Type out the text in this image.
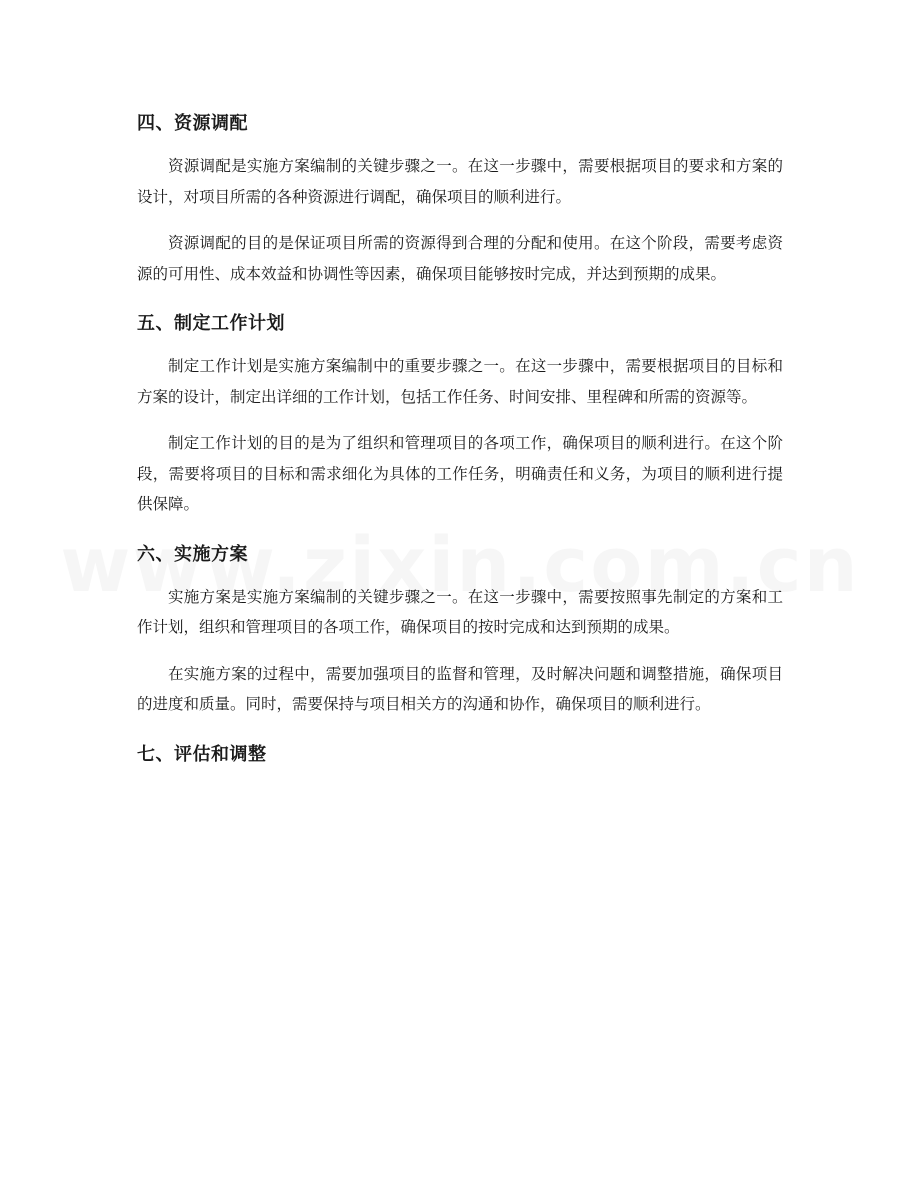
四、资源调配

资源调配是实施方案编制的关键步骤之一。在这一步骤中，需要根据项目的要求和方案的设计，对项目所需的各种资源进行调配，确保项目的顺利进行。

资源调配的目的是保证项目所需的资源得到合理的分配和使用。在这个阶段，需要考虑资源的可用性、成本效益和协调性等因素，确保项目能够按时完成，并达到预期的成果。

五、制定工作计划

制定工作计划是实施方案编制中的重要步骤之一。在这一步骤中，需要根据项目的目标和方案的设计，制定出详细的工作计划，包括工作任务、时间安排、里程碑和所需的资源等。

制定工作计划的目的是为了组织和管理项目的各项工作，确保项目的顺利进行。在这个阶段，需要将项目的目标和需求细化为具体的工作任务，明确责任和义务，为项目的顺利进行提供保障。

六、实施方案

实施方案是实施方案编制的关键步骤之一。在这一步骤中，需要按照事先制定的方案和工作计划，组织和管理项目的各项工作，确保项目的按时完成和达到预期的成果。

在实施方案的过程中，需要加强项目的监督和管理，及时解决问题和调整措施，确保项目的进度和质量。同时，需要保持与项目相关方的沟通和协作，确保项目的顺利进行。

七、评估和调整
